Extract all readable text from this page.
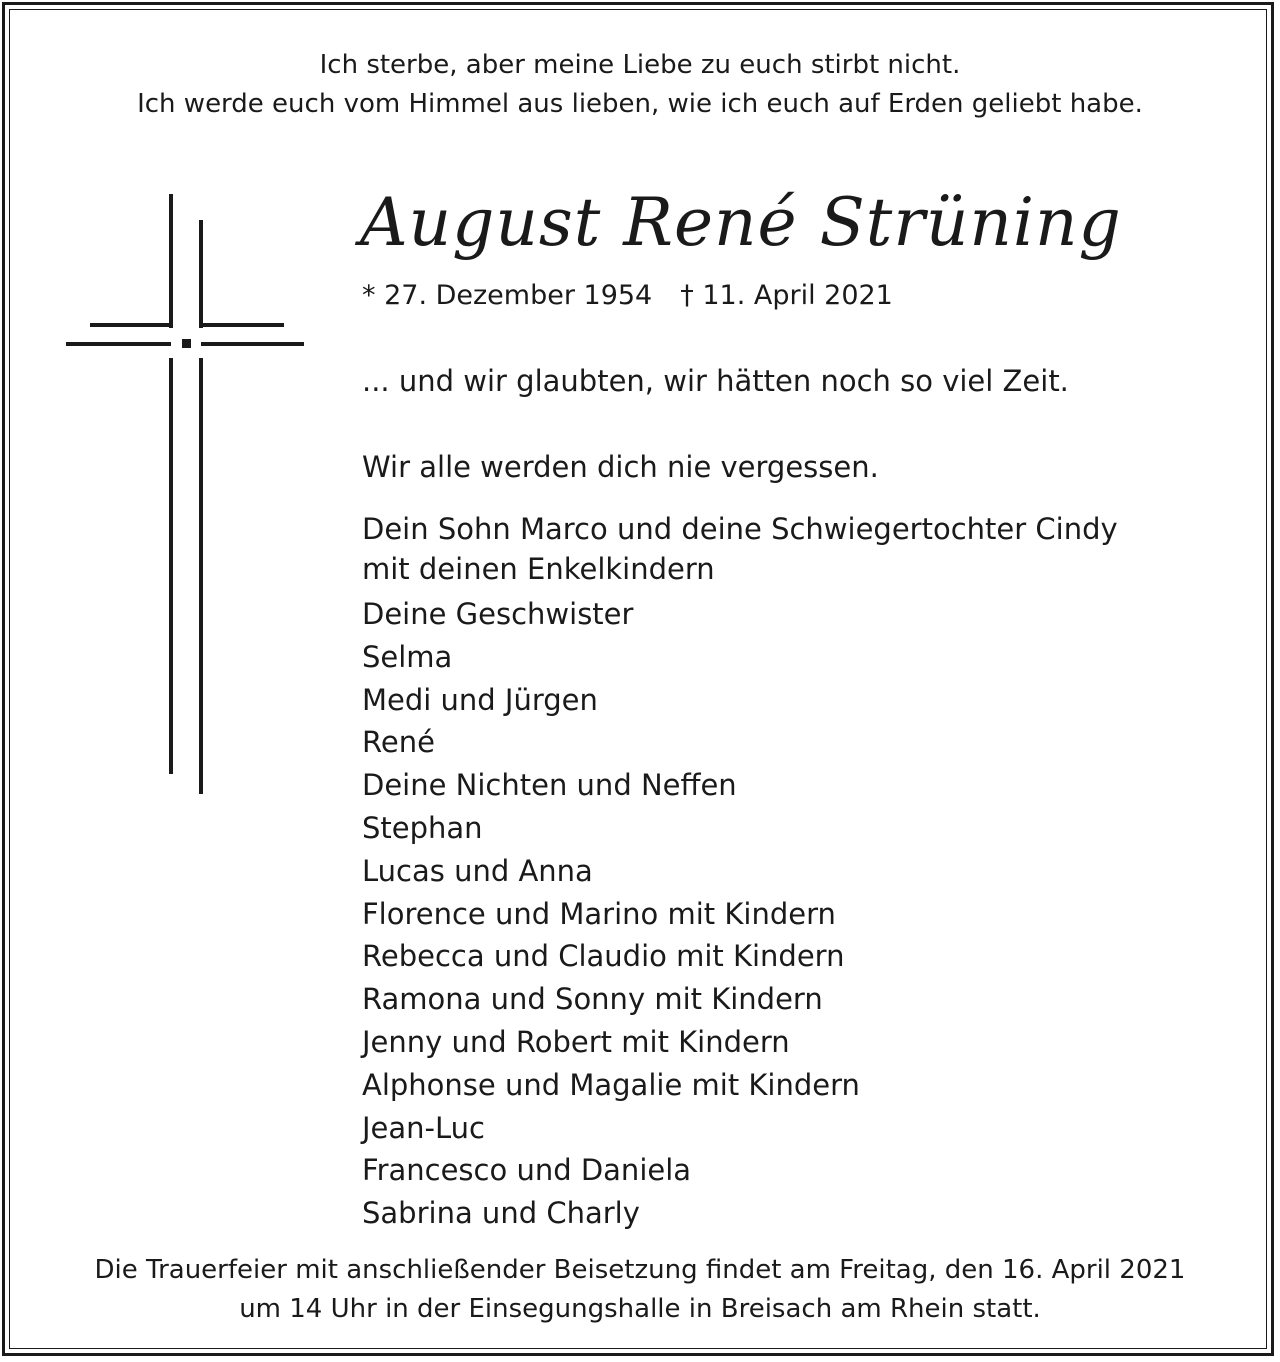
Ich sterbe, aber meine Liebe zu euch stirbt nicht.
Ich werde euch vom Himmel aus lieben, wie ich euch auf Erden geliebt habe.
August René Strüning
* 27. Dezember 1954 † 11. April 2021
... und wir glaubten, wir hätten noch so viel Zeit.
Wir alle werden dich nie vergessen.
Dein Sohn Marco und deine Schwiegertochter Cindy
mit deinen Enkelkindern
Deine Geschwister
Selma
Medi und Jürgen
René
Deine Nichten und Neffen
Stephan
Lucas und Anna
Florence und Marino mit Kindern
Rebecca und Claudio mit Kindern
Ramona und Sonny mit Kindern
Jenny und Robert mit Kindern
Alphonse und Magalie mit Kindern
Jean-Luc
Francesco und Daniela
Sabrina und Charly
Die Trauerfeier mit anschließender Beisetzung findet am Freitag, den 16. April 2021
um 14 Uhr in der Einsegungshalle in Breisach am Rhein statt.
